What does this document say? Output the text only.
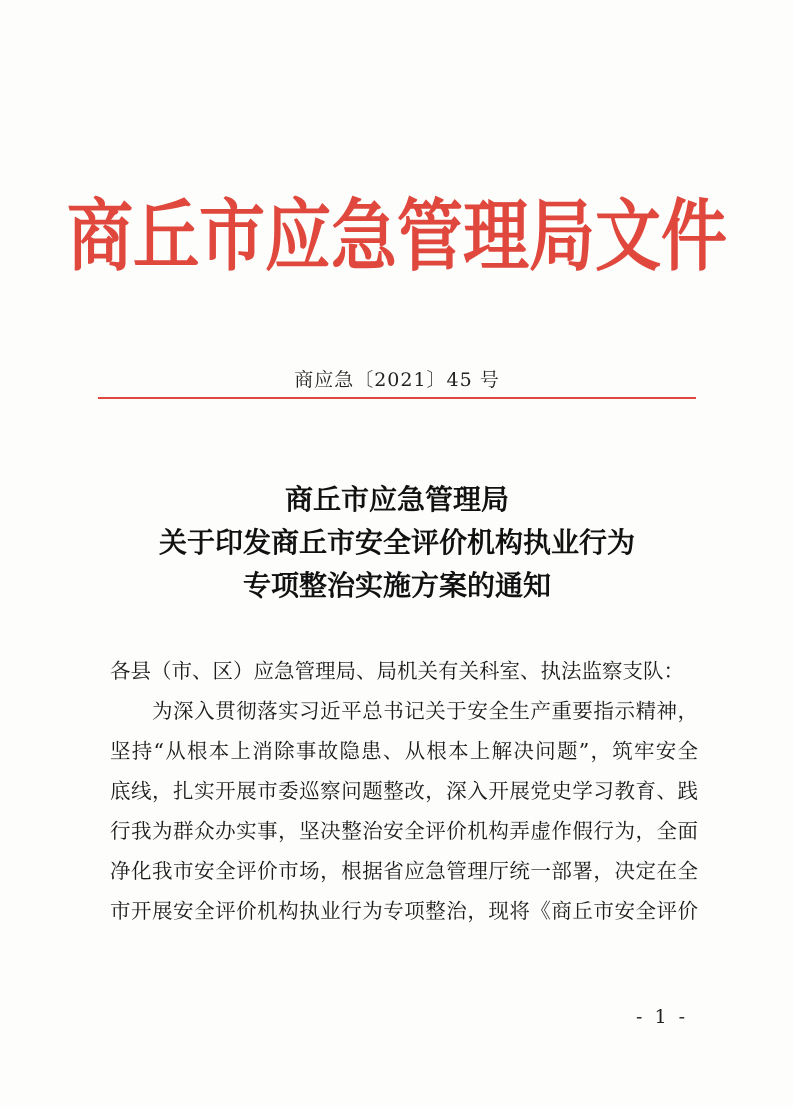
商丘市应急管理局文件
商应急〔2021〕45 号
商丘市应急管理局
关于印发商丘市安全评价机构执业行为
专项整治实施方案的通知
各县（市、区）应急管理局、局机关有关科室、执法监察支队：
　　为深入贯彻落实习近平总书记关于安全生产重要指示精神，
坚持“从根本上消除事故隐患、从根本上解决问题”，筑牢安全
底线，扎实开展市委巡察问题整改，深入开展党史学习教育、践
行我为群众办实事，坚决整治安全评价机构弄虚作假行为，全面
净化我市安全评价市场，根据省应急管理厅统一部署，决定在全
市开展安全评价机构执业行为专项整治，现将《商丘市安全评价
- 1 -
